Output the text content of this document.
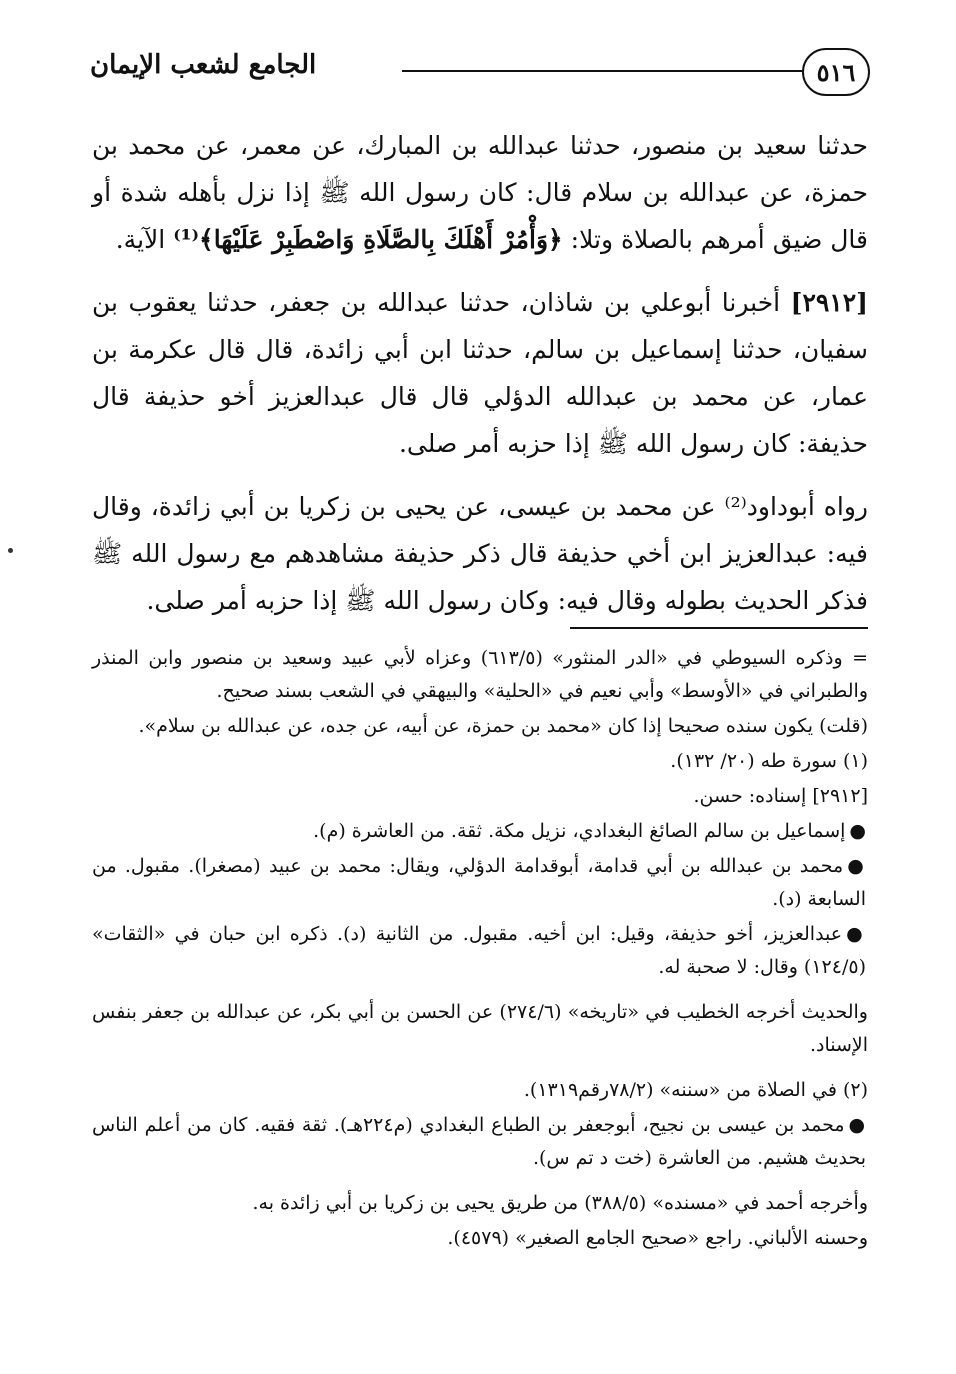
٥١٦
الجامع لشعب الإيمان

حدثنا سعيد بن منصور، حدثنا عبدالله بن المبارك، عن معمر، عن محمد بن حمزة، عن عبدالله بن سلام قال: كان رسول الله ﷺ إذا نزل بأهله شدة أو قال ضيق أمرهم بالصلاة وتلا: ﴿وَأْمُرْ أَهْلَكَ بِالصَّلَاةِ وَاصْطَبِرْ عَلَيْهَا﴾⁽¹⁾ الآية.

[٢٩١٢] أخبرنا أبوعلي بن شاذان، حدثنا عبدالله بن جعفر، حدثنا يعقوب بن سفيان، حدثنا إسماعيل بن سالم، حدثنا ابن أبي زائدة، قال قال عكرمة بن عمار، عن محمد بن عبدالله الدؤلي قال قال عبدالعزيز أخو حذيفة قال حذيفة: كان رسول الله ﷺ إذا حزبه أمر صلى.

رواه أبوداود⁽²⁾ عن محمد بن عيسى، عن يحيى بن زكريا بن أبي زائدة، وقال فيه: عبدالعزيز ابن أخي حذيفة قال ذكر حذيفة مشاهدهم مع رسول الله ﷺ فذكر الحديث بطوله وقال فيه: وكان رسول الله ﷺ إذا حزبه أمر صلى.

= وذكره السيوطي في «الدر المنثور» (٦١٣/٥) وعزاه لأبي عبيد وسعيد بن منصور وابن المنذر والطبراني في «الأوسط» وأبي نعيم في «الحلية» والبيهقي في الشعب بسند صحيح.

(قلت) يكون سنده صحيحا إذا كان «محمد بن حمزة، عن أبيه، عن جده، عن عبدالله بن سلام».

(١) سورة طه (٢٠/ ١٣٢).

[٢٩١٢] إسناده: حسن.

●إسماعيل بن سالم الصائغ البغدادي، نزيل مكة. ثقة. من العاشرة (م).

●محمد بن عبدالله بن أبي قدامة، أبوقدامة الدؤلي، ويقال: محمد بن عبيد (مصغرا). مقبول. من السابعة (د).

●عبدالعزيز، أخو حذيفة، وقيل: ابن أخيه. مقبول. من الثانية (د). ذكره ابن حبان في «الثقات» (١٢٤/٥) وقال: لا صحبة له.

والحديث أخرجه الخطيب في «تاريخه» (٢٧٤/٦) عن الحسن بن أبي بكر، عن عبدالله بن جعفر بنفس الإسناد.

(٢) في الصلاة من «سننه» (٧٨/٢رقم١٣١٩).

●محمد بن عيسى بن نجيح، أبوجعفر بن الطباع البغدادي (م٢٢٤هـ). ثقة فقيه. كان من أعلم الناس بحديث هشيم. من العاشرة (خت د تم س).

وأخرجه أحمد في «مسنده» (٣٨٨/٥) من طريق يحيى بن زكريا بن أبي زائدة به.

وحسنه الألباني. راجع «صحيح الجامع الصغير» (٤٥٧٩).
